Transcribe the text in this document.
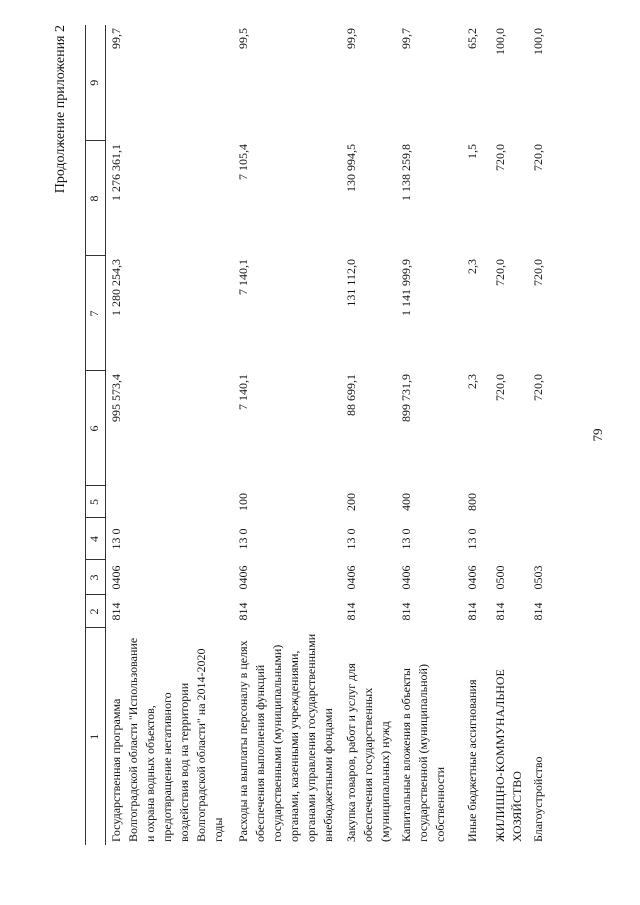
79
Продолжение приложения 2
1	2	3	4	5	6	7	8	9
Государственная программа Волгоградской области "Использование и охрана водных объектов, предотвращение негативного воздействия вод на территории Волгоградской области" на 2014-2020 годы	814	0406	13 0		995 573,4	1 280 254,3	1 276 361,1	99,7
Расходы на выплаты персоналу в целях обеспечения выполнения функций государственными (муниципальными) органами, казенными учреждениями, органами управления государственными внебюджетными фондами	814	0406	13 0	100	7 140,1	7 140,1	7 105,4	99,5
Закупка товаров, работ и услуг для обеспечения государственных (муниципальных) нужд	814	0406	13 0	200	88 699,1	131 112,0	130 994,5	99,9
Капитальные вложения в объекты государственной (муниципальной) собственности	814	0406	13 0	400	899 731,9	1 141 999,9	1 138 259,8	99,7
Иные бюджетные ассигнования	814	0406	13 0	800	2,3	2,3	1,5	65,2
ЖИЛИЩНО-КОММУНАЛЬНОЕ ХОЗЯЙСТВО	814	0500			720,0	720,0	720,0	100,0
Благоустройство	814	0503			720,0	720,0	720,0	100,0
